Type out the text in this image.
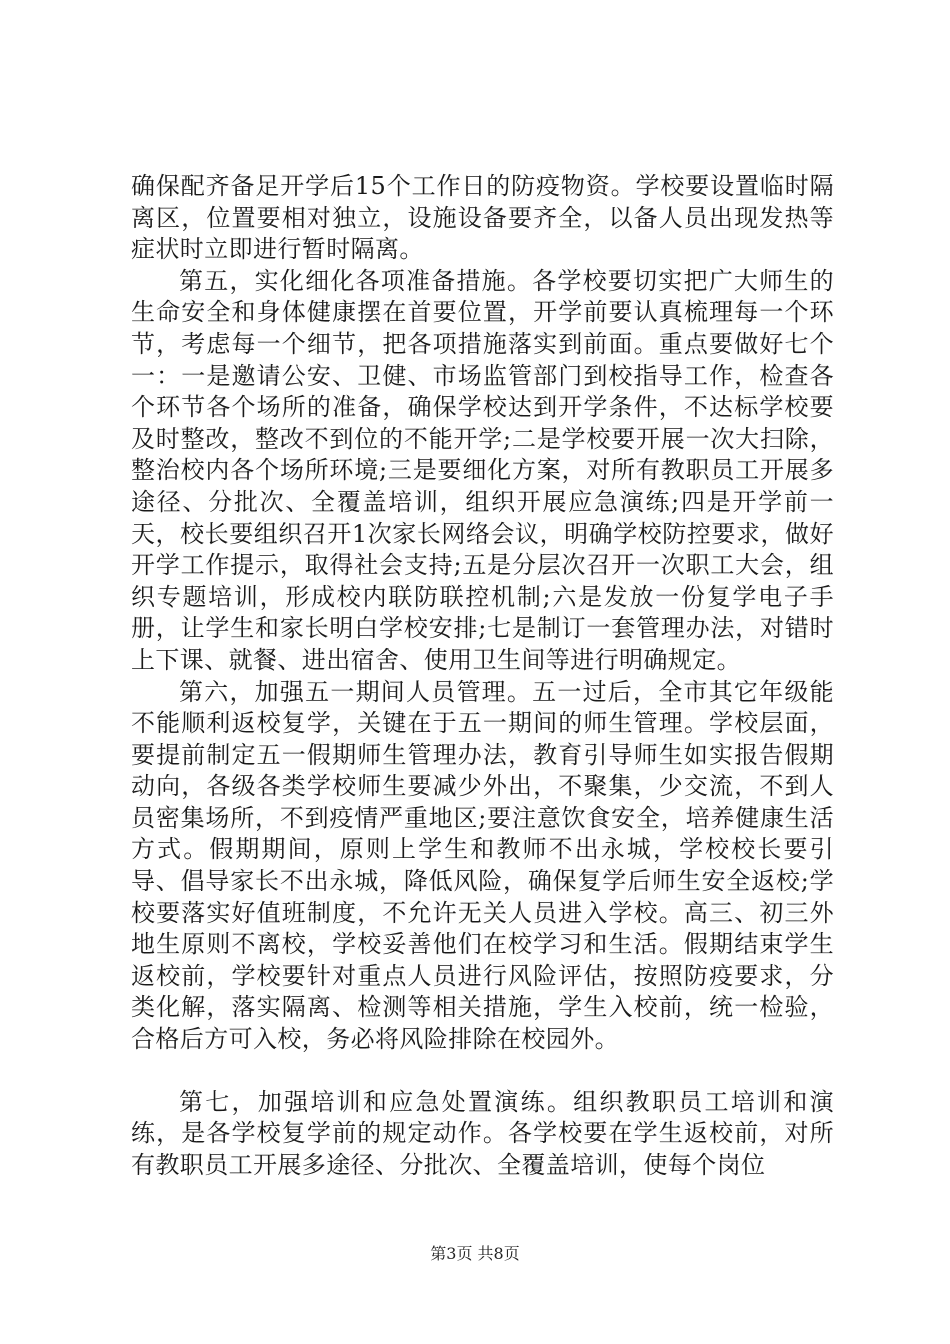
确保配齐备足开学后15个工作日的防疫物资。学校要设置临时隔离区，位置要相对独立，设施设备要齐全，以备人员出现发热等症状时立即进行暂时隔离。

第五，实化细化各项准备措施。各学校要切实把广大师生的生命安全和身体健康摆在首要位置，开学前要认真梳理每一个环节，考虑每一个细节，把各项措施落实到前面。重点要做好七个一：一是邀请公安、卫健、市场监管部门到校指导工作，检查各个环节各个场所的准备，确保学校达到开学条件，不达标学校要及时整改，整改不到位的不能开学;二是学校要开展一次大扫除，整治校内各个场所环境;三是要细化方案，对所有教职员工开展多途径、分批次、全覆盖培训，组织开展应急演练;四是开学前一天，校长要组织召开1次家长网络会议，明确学校防控要求，做好开学工作提示，取得社会支持;五是分层次召开一次职工大会，组织专题培训，形成校内联防联控机制;六是发放一份复学电子手册，让学生和家长明白学校安排;七是制订一套管理办法，对错时上下课、就餐、进出宿舍、使用卫生间等进行明确规定。

第六，加强五一期间人员管理。五一过后，全市其它年级能不能顺利返校复学，关键在于五一期间的师生管理。学校层面，要提前制定五一假期师生管理办法，教育引导师生如实报告假期动向，各级各类学校师生要减少外出，不聚集，少交流，不到人员密集场所，不到疫情严重地区;要注意饮食安全，培养健康生活方式。假期期间，原则上学生和教师不出永城，学校校长要引导、倡导家长不出永城，降低风险，确保复学后师生安全返校;学校要落实好值班制度，不允许无关人员进入学校。高三、初三外地生原则不离校，学校妥善他们在校学习和生活。假期结束学生返校前，学校要针对重点人员进行风险评估，按照防疫要求，分类化解，落实隔离、检测等相关措施，学生入校前，统一检验，合格后方可入校，务必将风险排除在校园外。

第七，加强培训和应急处置演练。组织教职员工培训和演练，是各学校复学前的规定动作。各学校要在学生返校前，对所有教职员工开展多途径、分批次、全覆盖培训，使每个岗位

第3页 共8页
